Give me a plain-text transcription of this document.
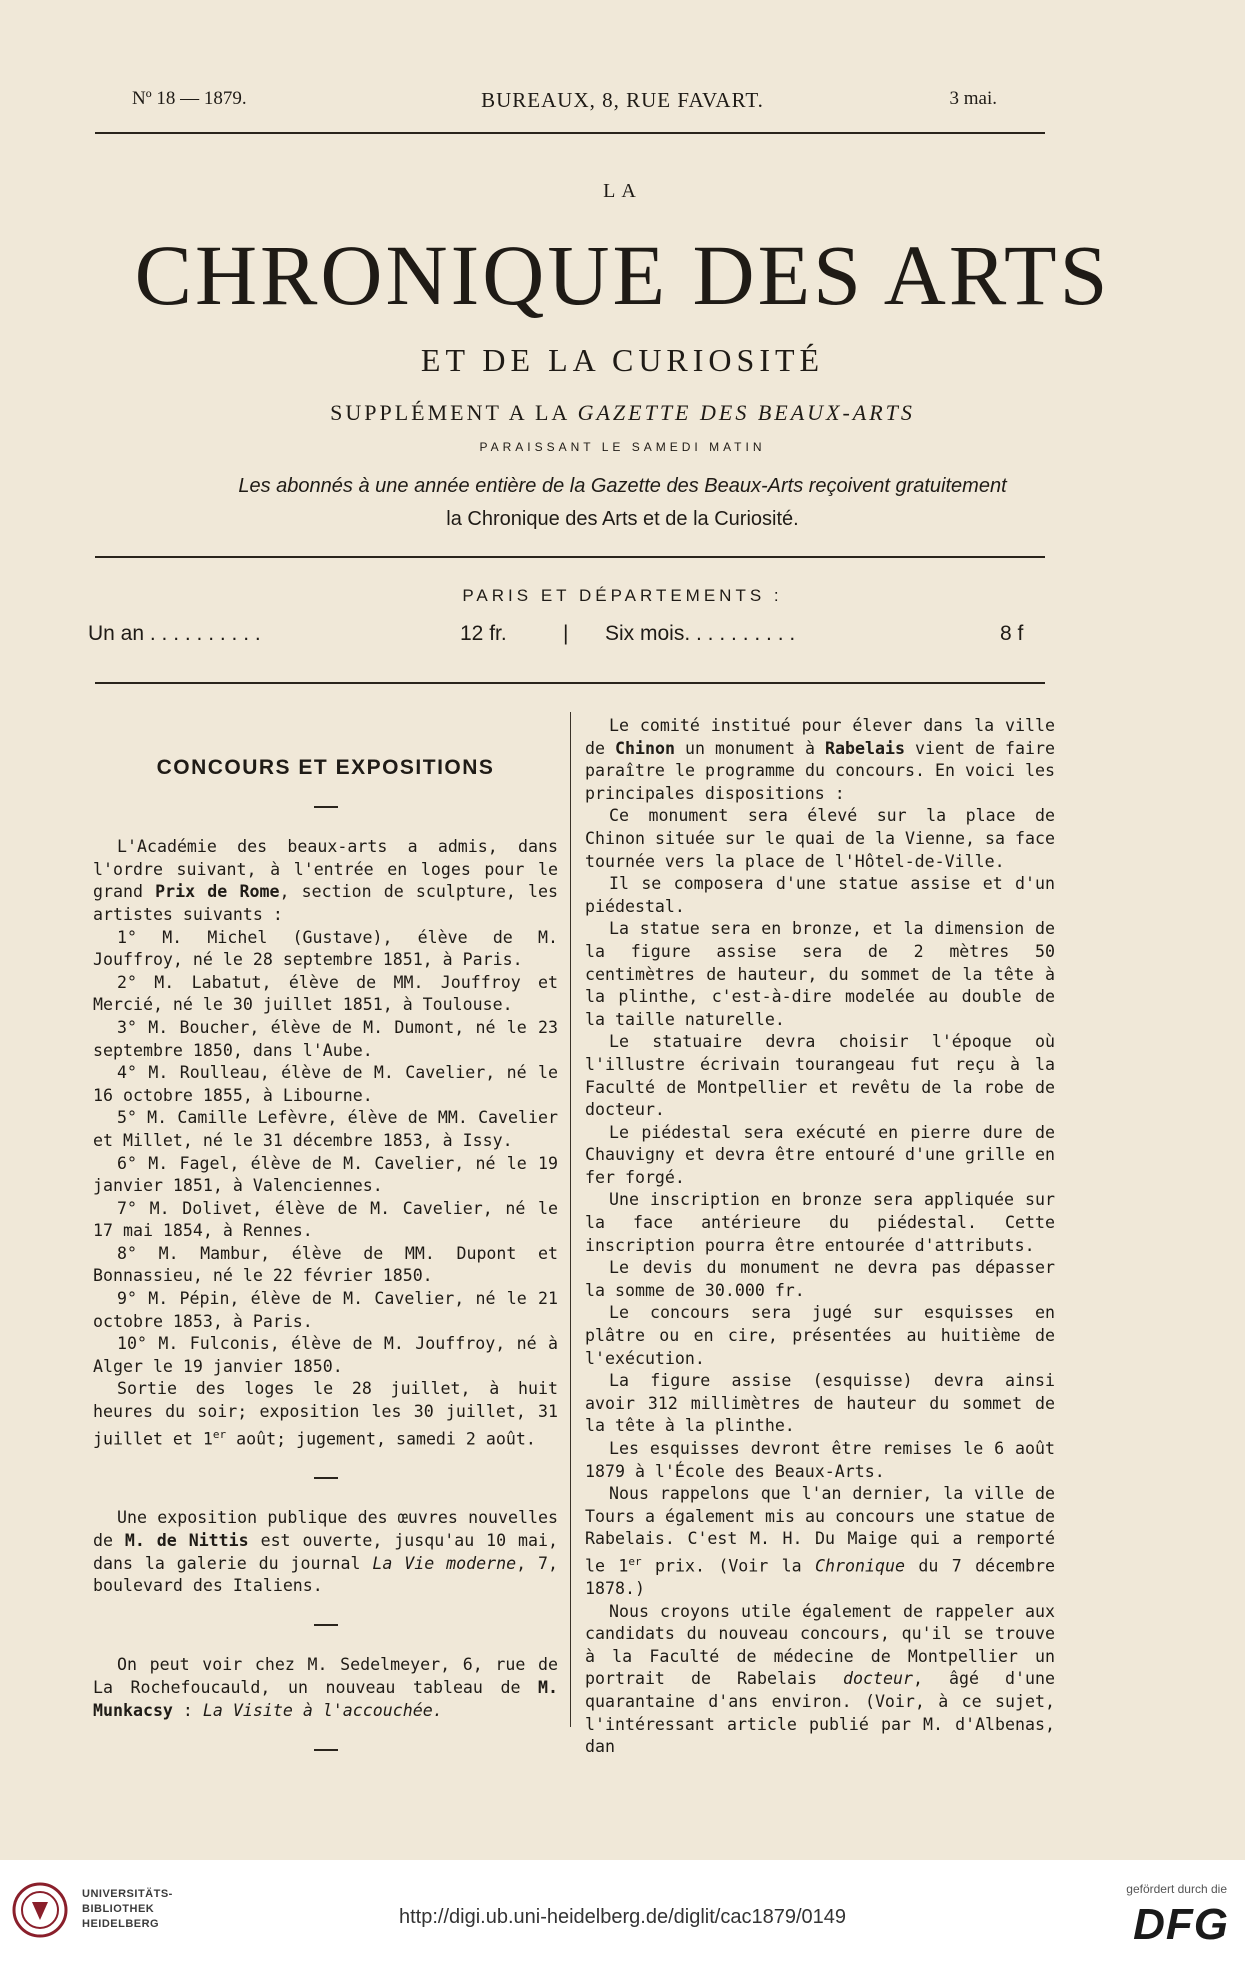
Nº 18 — 1879.	BUREAUX, 8, RUE FAVART.	3 mai.
LA
CHRONIQUE DES ARTS
ET DE LA CURIOSITÉ
SUPPLÉMENT A LA GAZETTE DES BEAUX-ARTS
PARAISSANT LE SAMEDI MATIN
Les abonnés à une année entière de la Gazette des Beaux-Arts reçoivent gratuitement
la Chronique des Arts et de la Curiosité.
PARIS ET DÉPARTEMENTS :
Un an . . . . . . . . . .	12 fr.	| Six mois. . . . . . . . . .	8 f
CONCOURS ET EXPOSITIONS

L'Académie des beaux-arts a admis, dans l'ordre suivant, à l'entrée en loges pour le grand Prix de Rome, section de sculpture, les artistes suivants :

1° M. Michel (Gustave), élève de M. Jouffroy, né le 28 septembre 1851, à Paris.

2° M. Labatut, élève de MM. Jouffroy et Mercié, né le 30 juillet 1851, à Toulouse.

3° M. Boucher, élève de M. Dumont, né le 23 septembre 1850, dans l'Aube.

4° M. Roulleau, élève de M. Cavelier, né le 16 octobre 1855, à Libourne.

5° M. Camille Lefèvre, élève de MM. Cavelier et Millet, né le 31 décembre 1853, à Issy.

6° M. Fagel, élève de M. Cavelier, né le 19 janvier 1851, à Valenciennes.

7° M. Dolivet, élève de M. Cavelier, né le 17 mai 1854, à Rennes.

8° M. Mambur, élève de MM. Dupont et Bonnassieu, né le 22 février 1850.

9° M. Pépin, élève de M. Cavelier, né le 21 octobre 1853, à Paris.

10° M. Fulconis, élève de M. Jouffroy, né à Alger le 19 janvier 1850.

Sortie des loges le 28 juillet, à huit heures du soir; exposition les 30 juillet, 31 juillet et 1er août; jugement, samedi 2 août.

Une exposition publique des œuvres nouvelles de M. de Nittis est ouverte, jusqu'au 10 mai, dans la galerie du journal La Vie moderne, 7, boulevard des Italiens.

On peut voir chez M. Sedelmeyer, 6, rue de La Rochefoucauld, un nouveau tableau de M. Munkacsy : La Visite à l'accouchée.

Le comité institué pour élever dans la ville de Chinon un monument à Rabelais vient de faire paraître le programme du concours. En voici les principales dispositions :

Ce monument sera élevé sur la place de Chinon située sur le quai de la Vienne, sa face tournée vers la place de l'Hôtel-de-Ville.

Il se composera d'une statue assise et d'un piédestal.

La statue sera en bronze, et la dimension de la figure assise sera de 2 mètres 50 centimètres de hauteur, du sommet de la tête à la plinthe, c'est-à-dire modelée au double de la taille naturelle.

Le statuaire devra choisir l'époque où l'illustre écrivain tourangeau fut reçu à la Faculté de Montpellier et revêtu de la robe de docteur.

Le piédestal sera exécuté en pierre dure de Chauvigny et devra être entouré d'une grille en fer forgé.

Une inscription en bronze sera appliquée sur la face antérieure du piédestal. Cette inscription pourra être entourée d'attributs.

Le devis du monument ne devra pas dépasser la somme de 30.000 fr.

Le concours sera jugé sur esquisses en plâtre ou en cire, présentées au huitième de l'exécution.

La figure assise (esquisse) devra ainsi avoir 312 millimètres de hauteur du sommet de la tête à la plinthe.

Les esquisses devront être remises le 6 août 1879 à l'École des Beaux-Arts.

Nous rappelons que l'an dernier, la ville de Tours a également mis au concours une statue de Rabelais. C'est M. H. Du Maige qui a remporté le 1er prix. (Voir la Chronique du 7 décembre 1878.)

Nous croyons utile également de rappeler aux candidats du nouveau concours, qu'il se trouve à la Faculté de médecine de Montpellier un portrait de Rabelais docteur, âgé d'une quarantaine d'ans environ. (Voir, à ce sujet, l'intéressant article publié par M. d'Albenas, dan

UNIVERSITÄTS-
BIBLIOTHEK
HEIDELBERG	http://digi.ub.uni-heidelberg.de/diglit/cac1879/0149
gefördert durch die
DFG
